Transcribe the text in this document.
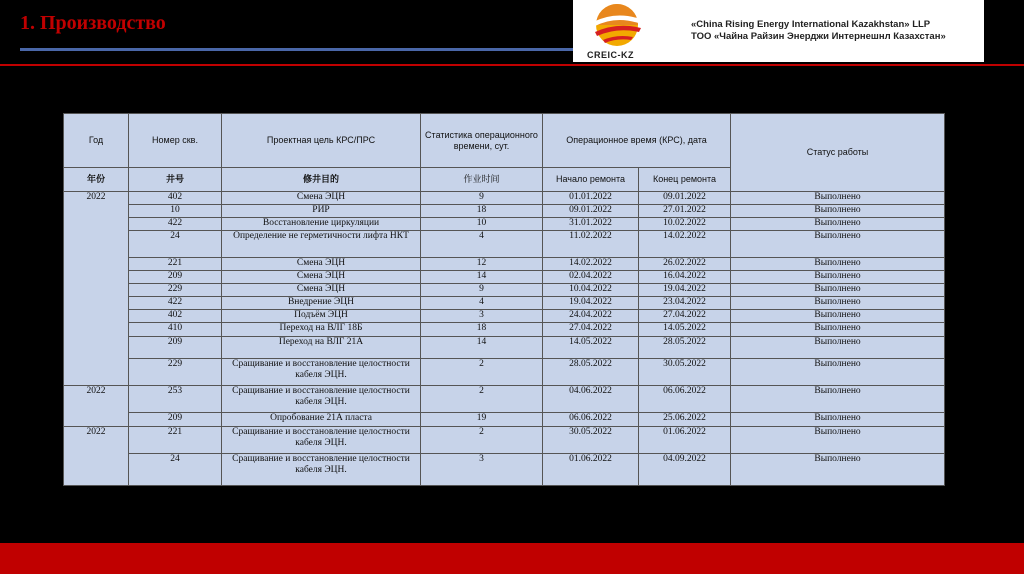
1. Производство
CREIC-KZ
«China Rising Energy International Kazakhstan» LLP
ТОО «Чайна Райзин Энерджи Интернешнл Казахстан»
Год	Номер скв.	Проектная цель КРС/ПРС	Статистика операционного времени, сут.	Операционное время (КРС), дата		Статус работы
年份	井号	修井目的	作业时间	Начало ремонта	Конец ремонта	
2022	402	Смена ЭЦН	9	01.01.2022	09.01.2022	Выполнено
	10	РИР	18	09.01.2022	27.01.2022	Выполнено
	422	Восстановление циркуляции	10	31.01.2022	10.02.2022	Выполнено
	24	Определение не герметичности лифта НКТ	4	11.02.2022	14.02.2022	Выполнено
	221	Смена ЭЦН	12	14.02.2022	26.02.2022	Выполнено
	209	Смена ЭЦН	14	02.04.2022	16.04.2022	Выполнено
	229	Смена ЭЦН	9	10.04.2022	19.04.2022	Выполнено
	422	Внедрение ЭЦН	4	19.04.2022	23.04.2022	Выполнено
	402	Подъём ЭЦН	3	24.04.2022	27.04.2022	Выполнено
	410	Переход на ВЛГ 18Б	18	27.04.2022	14.05.2022	Выполнено
	209	Переход на ВЛГ 21А	14	14.05.2022	28.05.2022	Выполнено
	229	Сращивание и восстановление целостности кабеля ЭЦН.	2	28.05.2022	30.05.2022	Выполнено
2022	253	Сращивание и восстановление целостности кабеля ЭЦН.	2	04.06.2022	06.06.2022	Выполнено
	209	Опробование 21А пласта	19	06.06.2022	25.06.2022	Выполнено
2022	221	Сращивание и восстановление целостности кабеля ЭЦН.	2	30.05.2022	01.06.2022	Выполнено
	24	Сращивание и восстановление целостности кабеля ЭЦН.	3	01.06.2022	04.09.2022	Выполнено
